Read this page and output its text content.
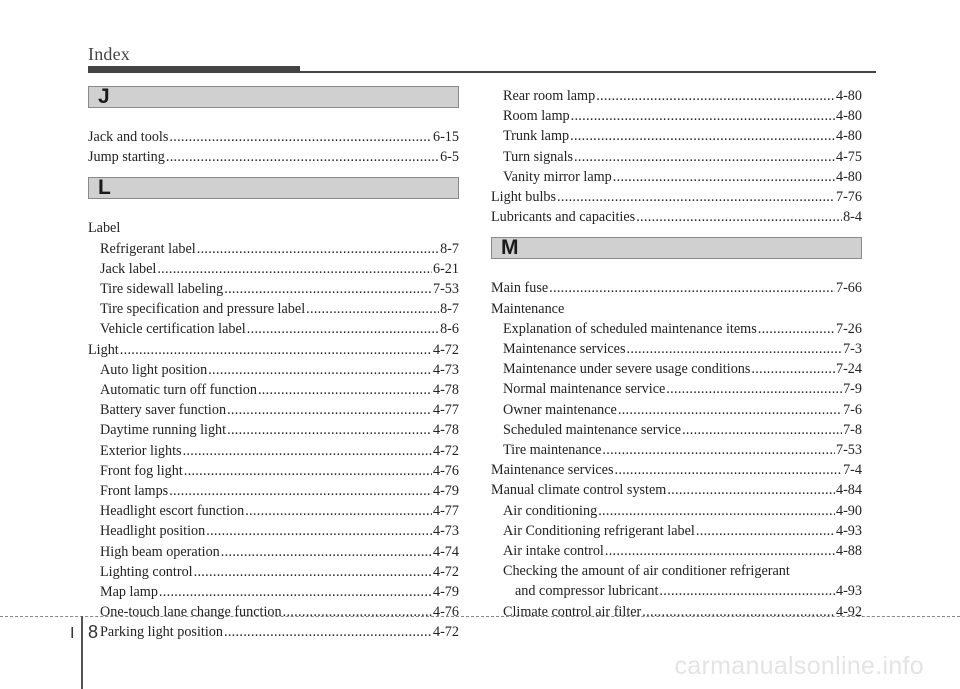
Index
J
Jack and tools .....	6-15
Jump starting .....	6-5
L
Label
Refrigerant label .....	8-7
Jack label .....	6-21
Tire sidewall labeling .....	7-53
Tire specification and pressure label .....	8-7
Vehicle certification label .....	8-6
Light .....	4-72
Auto light position .....	4-73
Automatic turn off function .....	4-78
Battery saver function .....	4-77
Daytime running light .....	4-78
Exterior lights .....	4-72
Front fog light .....	4-76
Front lamps .....	4-79
Headlight escort function .....	4-77
Headlight position .....	4-73
High beam operation .....	4-74
Lighting control .....	4-72
Map lamp .....	4-79
One-touch lane change function .....	4-76
Parking light position .....	4-72
Rear room lamp .....	4-80
Room lamp .....	4-80
Trunk lamp .....	4-80
Turn signals .....	4-75
Vanity mirror lamp .....	4-80
Light bulbs .....	7-76
Lubricants and capacities .....	8-4
M
Main fuse .....	7-66
Maintenance
Explanation of scheduled maintenance items .....	7-26
Maintenance services .....	7-3
Maintenance under severe usage conditions .....	7-24
Normal maintenance service .....	7-9
Owner maintenance .....	7-6
Scheduled maintenance service .....	7-8
Tire maintenance .....	7-53
Maintenance services .....	7-4
Manual climate control system .....	4-84
Air conditioning .....	4-90
Air Conditioning refrigerant label .....	4-93
Air intake control .....	4-88
Checking the amount of air conditioner refrigerant
and compressor lubricant .....	4-93
Climate control air filter .....	4-92
I 8
carmanualsonline.info
